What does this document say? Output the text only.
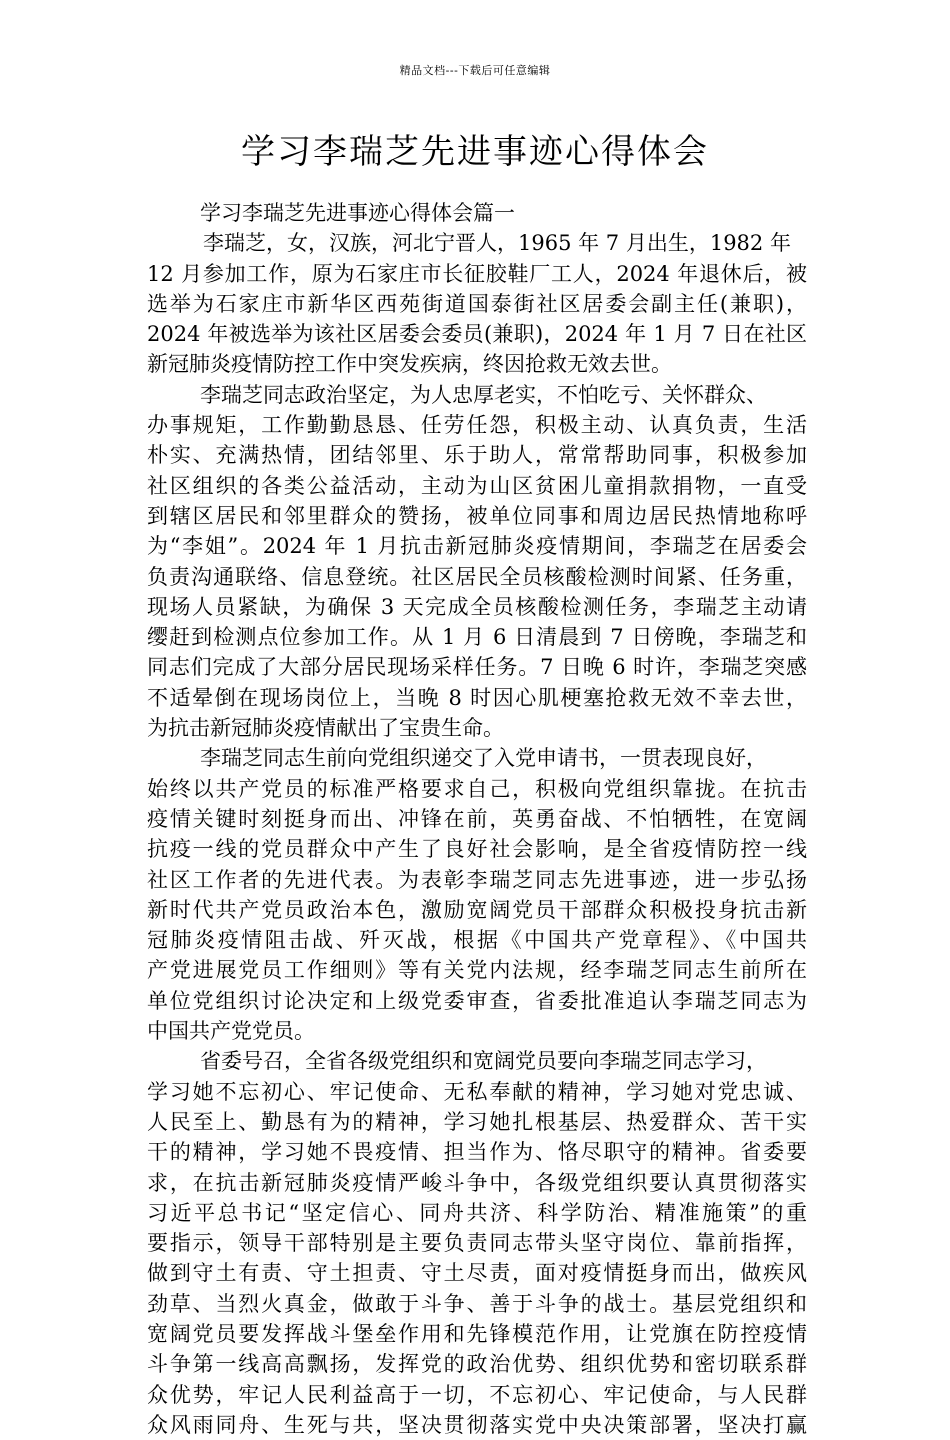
精品文档---下载后可任意编辑
学习李瑞芝先进事迹心得体会
学习李瑞芝先进事迹心得体会篇一
李瑞芝，女，汉族，河北宁晋人，1965 年 7 月出生，1982 年
12 月参加工作，原为石家庄市长征胶鞋厂工人，2024 年退休后，被
选举为石家庄市新华区西苑街道国泰街社区居委会副主任(兼职)，
2024 年被选举为该社区居委会委员(兼职)，2024 年 1 月 7 日在社区
新冠肺炎疫情防控工作中突发疾病，终因抢救无效去世。
李瑞芝同志政治坚定，为人忠厚老实，不怕吃亏、关怀群众、
办事规矩，工作勤勤恳恳、任劳任怨，积极主动、认真负责，生活
朴实、充满热情，团结邻里、乐于助人，常常帮助同事，积极参加
社区组织的各类公益活动，主动为山区贫困儿童捐款捐物，一直受
到辖区居民和邻里群众的赞扬，被单位同事和周边居民热情地称呼
为“李姐”。2024 年 1 月抗击新冠肺炎疫情期间，李瑞芝在居委会
负责沟通联络、信息登统。社区居民全员核酸检测时间紧、任务重，
现场人员紧缺，为确保 3 天完成全员核酸检测任务，李瑞芝主动请
缨赶到检测点位参加工作。从 1 月 6 日清晨到 7 日傍晚，李瑞芝和
同志们完成了大部分居民现场采样任务。7 日晚 6 时许，李瑞芝突感
不适晕倒在现场岗位上，当晚 8 时因心肌梗塞抢救无效不幸去世，
为抗击新冠肺炎疫情献出了宝贵生命。
李瑞芝同志生前向党组织递交了入党申请书，一贯表现良好，
始终以共产党员的标准严格要求自己，积极向党组织靠拢。在抗击
疫情关键时刻挺身而出、冲锋在前，英勇奋战、不怕牺牲，在宽阔
抗疫一线的党员群众中产生了良好社会影响，是全省疫情防控一线
社区工作者的先进代表。为表彰李瑞芝同志先进事迹，进一步弘扬
新时代共产党员政治本色，激励宽阔党员干部群众积极投身抗击新
冠肺炎疫情阻击战、歼灭战，根据《中国共产党章程》、《中国共
产党进展党员工作细则》等有关党内法规，经李瑞芝同志生前所在
单位党组织讨论决定和上级党委审查，省委批准追认李瑞芝同志为
中国共产党党员。
省委号召，全省各级党组织和宽阔党员要向李瑞芝同志学习，
学习她不忘初心、牢记使命、无私奉献的精神，学习她对党忠诚、
人民至上、勤恳有为的精神，学习她扎根基层、热爱群众、苦干实
干的精神，学习她不畏疫情、担当作为、恪尽职守的精神。省委要
求，在抗击新冠肺炎疫情严峻斗争中，各级党组织要认真贯彻落实
习近平总书记“坚定信心、同舟共济、科学防治、精准施策”的重
要指示，领导干部特别是主要负责同志带头坚守岗位、靠前指挥，
做到守土有责、守土担责、守土尽责，面对疫情挺身而出，做疾风
劲草、当烈火真金，做敢于斗争、善于斗争的战士。基层党组织和
宽阔党员要发挥战斗堡垒作用和先锋模范作用，让党旗在防控疫情
斗争第一线高高飘扬，发挥党的政治优势、组织优势和密切联系群
众优势，牢记人民利益高于一切，不忘初心、牢记使命，与人民群
众风雨同舟、生死与共，坚决贯彻落实党中央决策部署，坚决打赢
